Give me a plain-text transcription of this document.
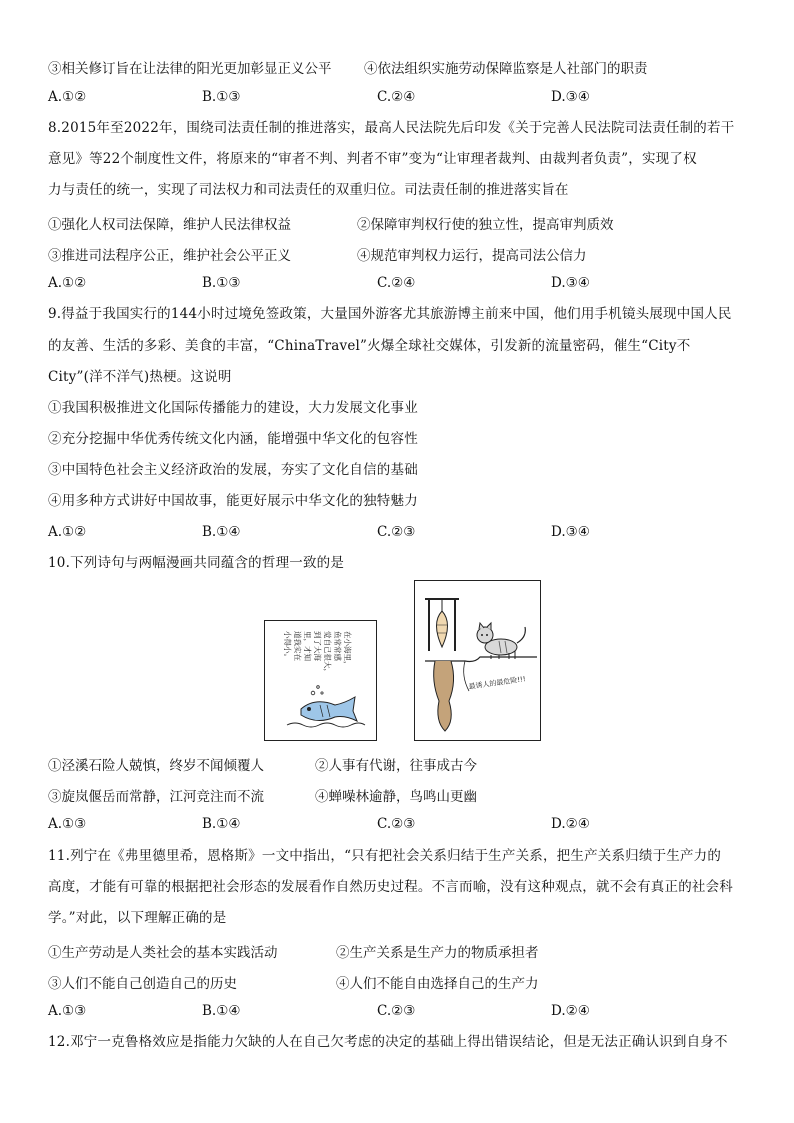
③相关修订旨在让法律的阳光更加彰显正义公平 ④依法组织实施劳动保障监察是人社部门的职责
A.①②	B.①③	C.②④	D.③④
8.2015年至2022年，围绕司法责任制的推进落实，最高人民法院先后印发《关于完善人民法院司法责任制的若干
意见》等22个制度性文件，将原来的“审者不判、判者不审”变为“让审理者裁判、由裁判者负责”，实现了权
力与责任的统一，实现了司法权力和司法责任的双重归位。司法责任制的推进落实旨在
①强化人权司法保障，维护人民法律权益	②保障审判权行使的独立性，提高审判质效
③推进司法程序公正，维护社会公平正义	④规范审判权力运行，提高司法公信力
A.①②	B.①③	C.②④	D.③④
9.得益于我国实行的144小时过境免签政策，大量国外游客尤其旅游博主前来中国，他们用手机镜头展现中国人民
的友善、生活的多彩、美食的丰富，“ChinaTravel”火爆全球社交媒体，引发新的流量密码，催生“City不
City”(洋不洋气)热梗。这说明
①我国积极推进文化国际传播能力的建设，大力发展文化事业
②充分挖掘中华优秀传统文化内涵，能增强中华文化的包容性
③中国特色社会主义经济政治的发展，夯实了文化自信的基础
④用多种方式讲好中国故事，能更好展示中华文化的独特魅力
A.①②	B.①④	C.②③	D.③④
10.下列诗句与两幅漫画共同蕴含的哲理一致的是
在小海里，
鱼常常感
觉自己很大，
到了大海
里，才知
道我实在
小得小。
最诱人的最危险!!!
①泾溪石险人兢慎，终岁不闻倾覆人	②人事有代谢，往事成古今
③旋岚偃岳而常静，江河竞注而不流	④蝉噪林逾静，鸟鸣山更幽
A.①③	B.①④	C.②③	D.②④
11.列宁在《弗里德里希，恩格斯》一文中指出，“只有把社会关系归结于生产关系，把生产关系归绩于生产力的
高度，才能有可靠的根据把社会形态的发展看作自然历史过程。不言而喻，没有这种观点，就不会有真正的社会科
学。”对此，以下理解正确的是
①生产劳动是人类社会的基本实践活动	②生产关系是生产力的物质承担者
③人们不能自己创造自己的历史	④人们不能自由选择自己的生产力
A.①③	B.①④	C.②③	D.②④
12.邓宁一克鲁格效应是指能力欠缺的人在自己欠考虑的决定的基础上得出错误结论，但是无法正确认识到自身不
